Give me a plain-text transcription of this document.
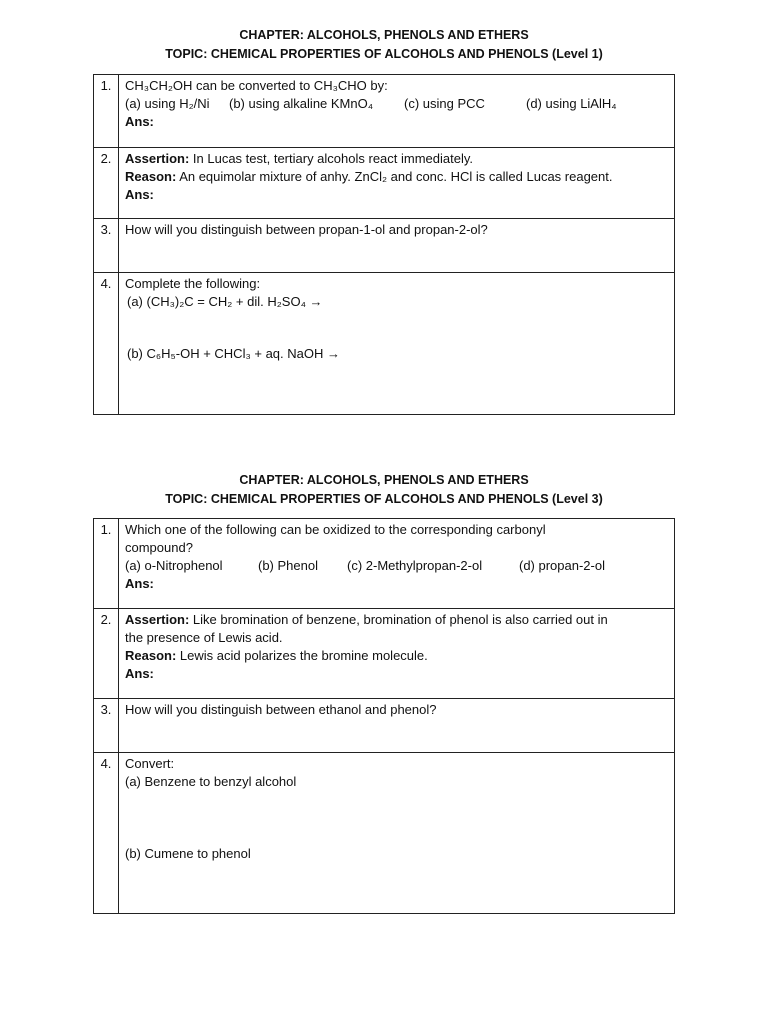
CHAPTER: ALCOHOLS, PHENOLS AND ETHERS
TOPIC: CHEMICAL PROPERTIES OF ALCOHOLS AND PHENOLS (Level 1)
1.	CH₃CH₂OH can be converted to CH₃CHO by:
(a) using H₂/Ni (b) using alkaline KMnO₄ (c) using PCC (d) using LiAlH₄
Ans:

2.	Assertion: In Lucas test, tertiary alcohols react immediately.
Reason: An equimolar mixture of anhy. ZnCl₂ and conc. HCl is called Lucas reagent.
Ans:

3.	How will you distinguish between propan-1-ol and propan-2-ol?

4.	Complete the following:
(a) (CH₃)₂C = CH₂ + dil. H₂SO₄ →
(b) C₆H₅-OH + CHCl₃ + aq. NaOH →
CHAPTER: ALCOHOLS, PHENOLS AND ETHERS
TOPIC: CHEMICAL PROPERTIES OF ALCOHOLS AND PHENOLS (Level 3)
1.	Which one of the following can be oxidized to the corresponding carbonyl
compound?
(a) o-Nitrophenol (b) Phenol (c) 2-Methylpropan-2-ol (d) propan-2-ol
Ans:

2.	Assertion: Like bromination of benzene, bromination of phenol is also carried out in
the presence of Lewis acid.
Reason: Lewis acid polarizes the bromine molecule.
Ans:

3.	How will you distinguish between ethanol and phenol?

4.	Convert:
(a) Benzene to benzyl alcohol
(b) Cumene to phenol
